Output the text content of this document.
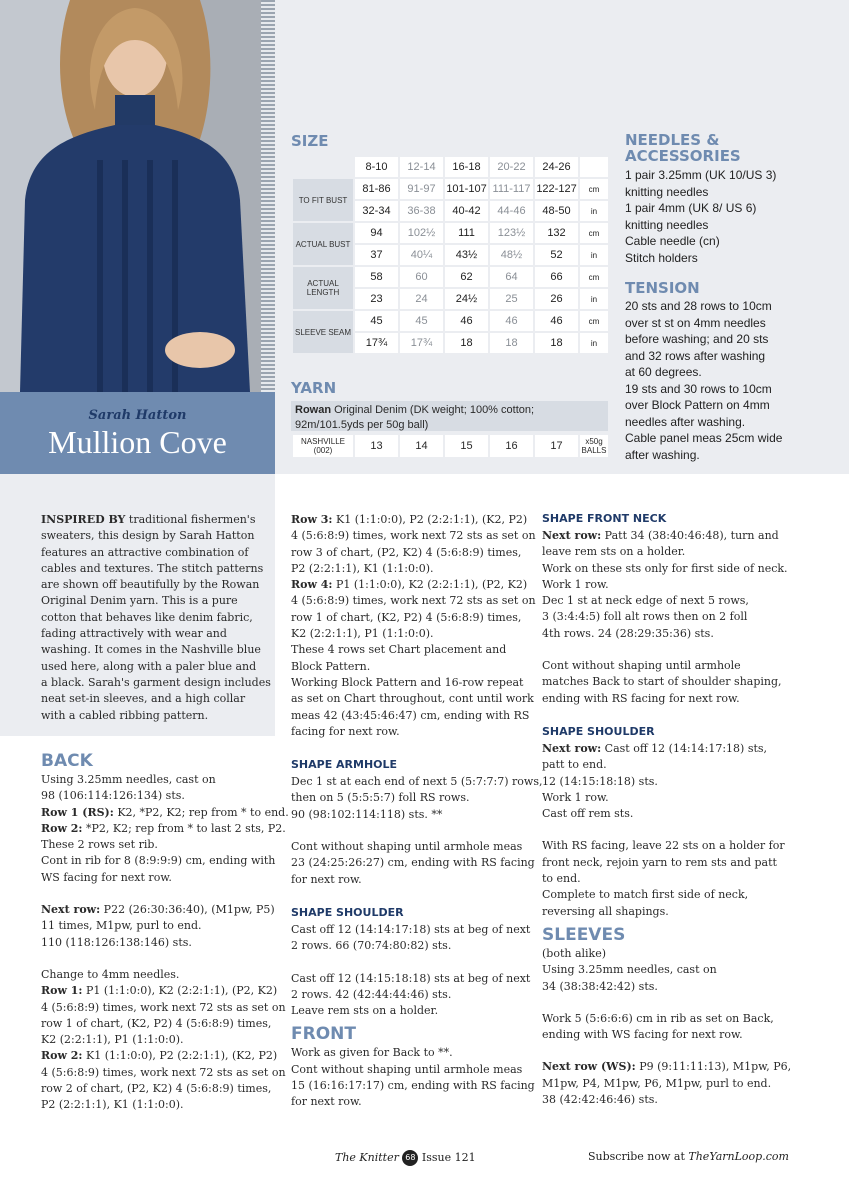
Sarah Hatton
Mullion Cove
SIZE
	8-10	12-14	16-18	20-22	24-26	
TO FIT BUST	81-86	91-97	101-107	111-117	122-127	cm
	32-34	36-38	40-42	44-46	48-50	in
ACTUAL BUST	94	102½	111	123½	132	cm
	37	40¼	43½	48½	52	in
ACTUAL LENGTH	58	60	62	64	66	cm
	23	24	24½	25	26	in
SLEEVE SEAM	45	45	46	46	46	cm
	17¾	17¾	18	18	18	in
YARN
Rowan Original Denim (DK weight; 100% cotton;
92m/101.5yds per 50g ball)
NASHVILLE
(002)	13	14	15	16	17	x50g
BALLS
NEEDLES &
ACCESSORIES
1 pair 3.25mm (UK 10/US 3)
knitting needles
1 pair 4mm (UK 8/ US 6)
knitting needles
Cable needle (cn)
Stitch holders
TENSION
20 sts and 28 rows to 10cm
over st st on 4mm needles
before washing; and 20 sts
and 32 rows after washing
at 60 degrees.
19 sts and 30 rows to 10cm
over Block Pattern on 4mm
needles after washing.
Cable panel meas 25cm wide
after washing.
INSPIRED BY traditional fishermen's
sweaters, this design by Sarah Hatton
features an attractive combination of
cables and textures. The stitch patterns
are shown off beautifully by the Rowan
Original Denim yarn. This is a pure
cotton that behaves like denim fabric,
fading attractively with wear and
washing. It comes in the Nashville blue
used here, along with a paler blue and
a black. Sarah's garment design includes
neat set-in sleeves, and a high collar
with a cabled ribbing pattern.
BACK
Using 3.25mm needles, cast on
98 (106:114:126:134) sts.
Row 1 (RS): K2, *P2, K2; rep from * to end.
Row 2: *P2, K2; rep from * to last 2 sts, P2.
These 2 rows set rib.
Cont in rib for 8 (8:9:9:9) cm, ending with
WS facing for next row.
Next row: P22 (26:30:36:40), (M1pw, P5)
11 times, M1pw, purl to end.
110 (118:126:138:146) sts.
Change to 4mm needles.
Row 1: P1 (1:1:0:0), K2 (2:2:1:1), (P2, K2)
4 (5:6:8:9) times, work next 72 sts as set on
row 1 of chart, (K2, P2) 4 (5:6:8:9) times,
K2 (2:2:1:1), P1 (1:1:0:0).
Row 2: K1 (1:1:0:0), P2 (2:2:1:1), (K2, P2)
4 (5:6:8:9) times, work next 72 sts as set on
row 2 of chart, (P2, K2) 4 (5:6:8:9) times,
P2 (2:2:1:1), K1 (1:1:0:0).
Row 3: K1 (1:1:0:0), P2 (2:2:1:1), (K2, P2)
4 (5:6:8:9) times, work next 72 sts as set on
row 3 of chart, (P2, K2) 4 (5:6:8:9) times,
P2 (2:2:1:1), K1 (1:1:0:0).
Row 4: P1 (1:1:0:0), K2 (2:2:1:1), (P2, K2)
4 (5:6:8:9) times, work next 72 sts as set on
row 1 of chart, (K2, P2) 4 (5:6:8:9) times,
K2 (2:2:1:1), P1 (1:1:0:0).
These 4 rows set Chart placement and
Block Pattern.
Working Block Pattern and 16-row repeat
as set on Chart throughout, cont until work
meas 42 (43:45:46:47) cm, ending with RS
facing for next row.
SHAPE ARMHOLE
Dec 1 st at each end of next 5 (5:7:7:7) rows,
then on 5 (5:5:5:7) foll RS rows.
90 (98:102:114:118) sts. **
Cont without shaping until armhole meas
23 (24:25:26:27) cm, ending with RS facing
for next row.
SHAPE SHOULDER
Cast off 12 (14:14:17:18) sts at beg of next
2 rows. 66 (70:74:80:82) sts.
Cast off 12 (14:15:18:18) sts at beg of next
2 rows. 42 (42:44:44:46) sts.
Leave rem sts on a holder.
FRONT
Work as given for Back to **.
Cont without shaping until armhole meas
15 (16:16:17:17) cm, ending with RS facing
for next row.
SHAPE FRONT NECK
Next row: Patt 34 (38:40:46:48), turn and
leave rem sts on a holder.
Work on these sts only for first side of neck.
Work 1 row.
Dec 1 st at neck edge of next 5 rows,
3 (3:4:4:5) foll alt rows then on 2 foll
4th rows. 24 (28:29:35:36) sts.
Cont without shaping until armhole
matches Back to start of shoulder shaping,
ending with RS facing for next row.
SHAPE SHOULDER
Next row: Cast off 12 (14:14:17:18) sts,
patt to end.
12 (14:15:18:18) sts.
Work 1 row.
Cast off rem sts.
With RS facing, leave 22 sts on a holder for
front neck, rejoin yarn to rem sts and patt
to end.
Complete to match first side of neck,
reversing all shapings.
SLEEVES
(both alike)
Using 3.25mm needles, cast on
34 (38:38:42:42) sts.
Work 5 (5:6:6:6) cm in rib as set on Back,
ending with WS facing for next row.
Next row (WS): P9 (9:11:11:13), M1pw, P6,
M1pw, P4, M1pw, P6, M1pw, purl to end.
38 (42:42:46:46) sts.
The Knitter 68 Issue 121	Subscribe now at TheYarnLoop.com
